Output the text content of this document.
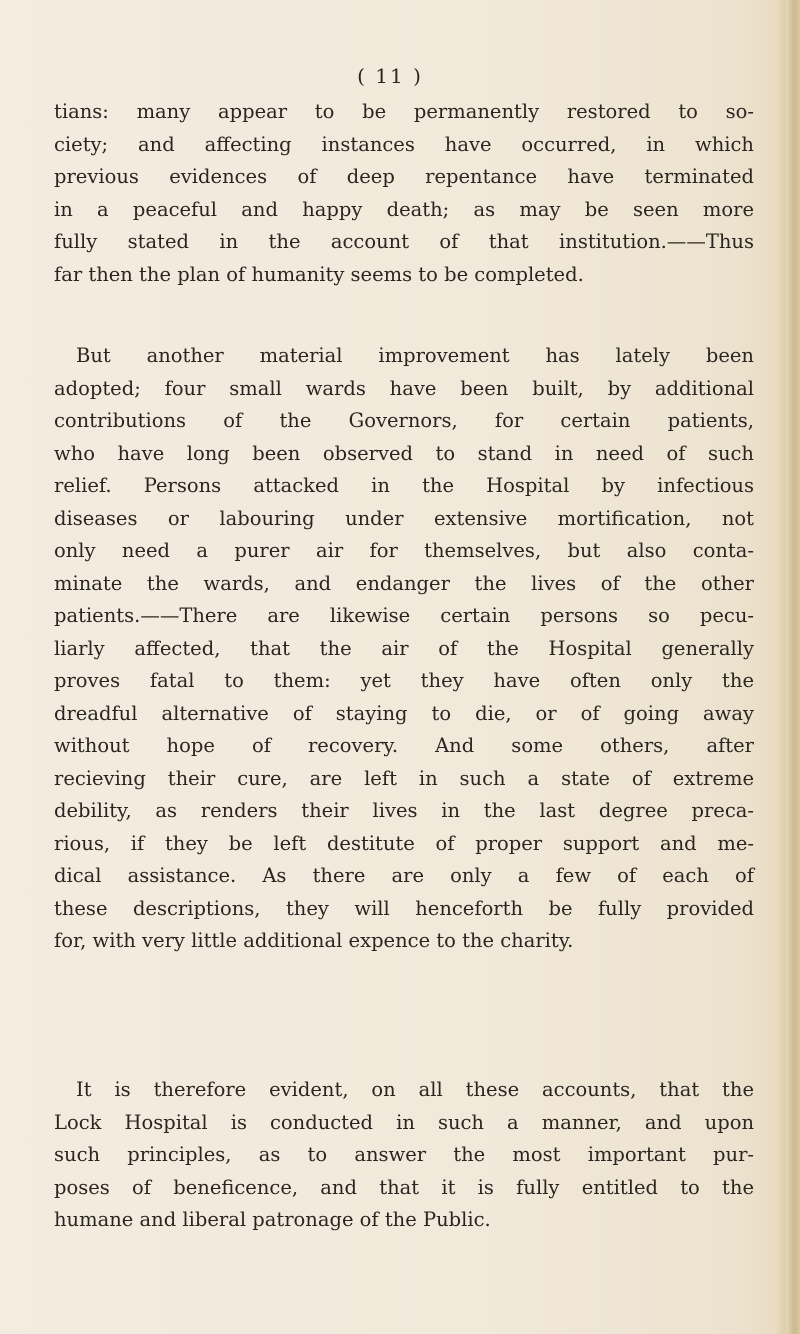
( 11 )
tians: many appear to be permanently restored to so-
ciety; and affecting instances have occurred, in which
previous evidences of deep repentance have terminated
in a peaceful and happy death; as may be seen more
fully stated in the account of that institution.——Thus
far then the plan of humanity seems to be completed.
But another material improvement has lately been
adopted; four small wards have been built, by additional
contributions of the Governors, for certain patients,
who have long been observed to stand in need of such
relief. Persons attacked in the Hospital by infectious
diseases or labouring under extensive mortification, not
only need a purer air for themselves, but also conta-
minate the wards, and endanger the lives of the other
patients.——There are likewise certain persons so pecu-
liarly affected, that the air of the Hospital generally
proves fatal to them: yet they have often only the
dreadful alternative of staying to die, or of going away
without hope of recovery. And some others, after
recieving their cure, are left in such a state of extreme
debility, as renders their lives in the last degree preca-
rious, if they be left destitute of proper support and me-
dical assistance. As there are only a few of each of
these descriptions, they will henceforth be fully provided
for, with very little additional expence to the charity.
It is therefore evident, on all these accounts, that the
Lock Hospital is conducted in such a manner, and upon
such principles, as to answer the most important pur-
poses of beneficence, and that it is fully entitled to the
humane and liberal patronage of the Public.
